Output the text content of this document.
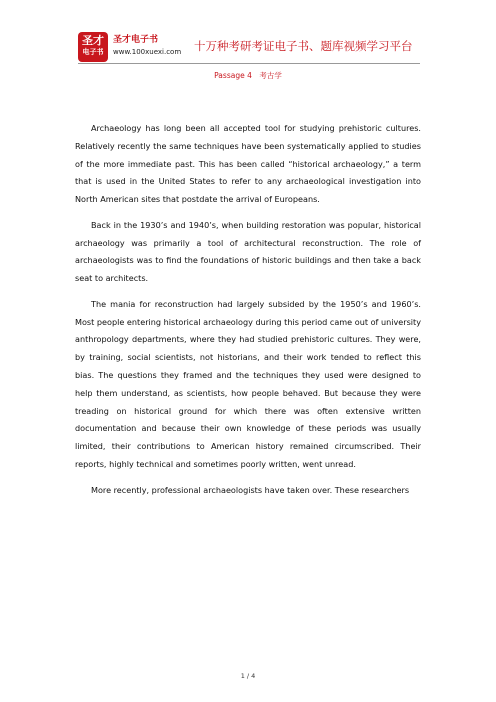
圣才
电子书
圣才电子书
www.100xuexi.com 十万种考研考证电子书、题库视频学习平台
Passage 4　考古学

Archaeology has long been all accepted tool for studying prehistoric cultures. Relatively recently the same techniques have been systematically applied to studies of the more immediate past. This has been called “historical archaeology,” a term that is used in the United States to refer to any archaeological investigation into North American sites that postdate the arrival of Europeans.

Back in the 1930’s and 1940’s, when building restoration was popular, historical archaeology was primarily a tool of architectural reconstruction. The role of archaeologists was to find the foundations of historic buildings and then take a back seat to architects.

The mania for reconstruction had largely subsided by the 1950’s and 1960’s. Most people entering historical archaeology during this period came out of university anthropology departments, where they had studied prehistoric cultures. They were, by training, social scientists, not historians, and their work tended to reflect this bias. The questions they framed and the techniques they used were designed to help them understand, as scientists, how people behaved. But because they were treading on historical ground for which there was often extensive written documentation and because their own knowledge of these periods was usually limited, their contributions to American history remained circumscribed. Their reports, highly technical and sometimes poorly written, went unread.

More recently, professional archaeologists have taken over. These researchers

1 / 4
